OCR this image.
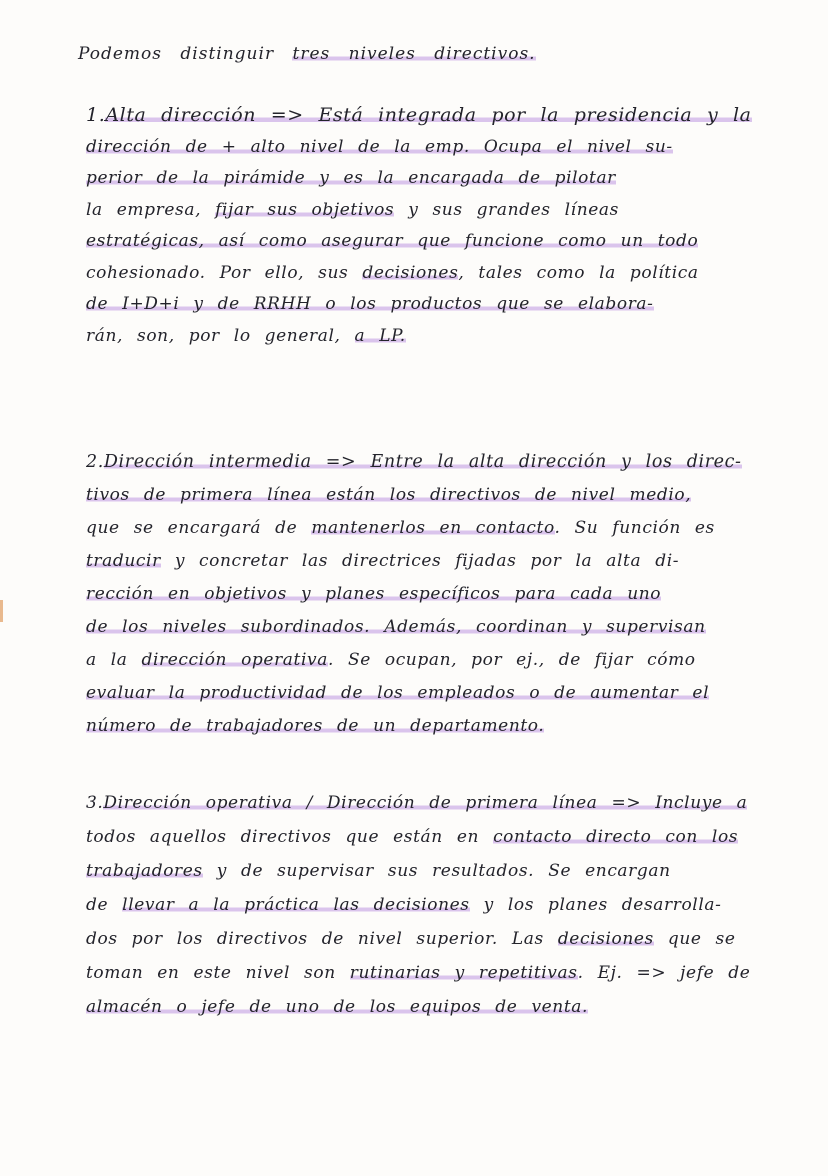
Podemos distinguir tres niveles directivos.
1.Alta dirección => Está integrada por la presidencia y la
dirección de + alto nivel de la emp. Ocupa el nivel su-
perior de la pirámide y es la encargada de pilotar
la empresa, fijar sus objetivos y sus grandes líneas
estratégicas, así como asegurar que funcione como un todo
cohesionado. Por ello, sus decisiones, tales como la política
de I+D+i y de RRHH o los productos que se elabora-
rán, son, por lo general, a LP.
2.Dirección intermedia => Entre la alta dirección y los direc-
tivos de primera línea están los directivos de nivel medio,
que se encargará de mantenerlos en contacto. Su función es
traducir y concretar las directrices fijadas por la alta di-
rección en objetivos y planes específicos para cada uno
de los niveles subordinados. Además, coordinan y supervisan
a la dirección operativa. Se ocupan, por ej., de fijar cómo
evaluar la productividad de los empleados o de aumentar el
número de trabajadores de un departamento.
3.Dirección operativa / Dirección de primera línea => Incluye a
todos aquellos directivos que están en contacto directo con los
trabajadores y de supervisar sus resultados. Se encargan
de llevar a la práctica las decisiones y los planes desarrolla-
dos por los directivos de nivel superior. Las decisiones que se
toman en este nivel son rutinarias y repetitivas. Ej. => jefe de
almacén o jefe de uno de los equipos de venta.
